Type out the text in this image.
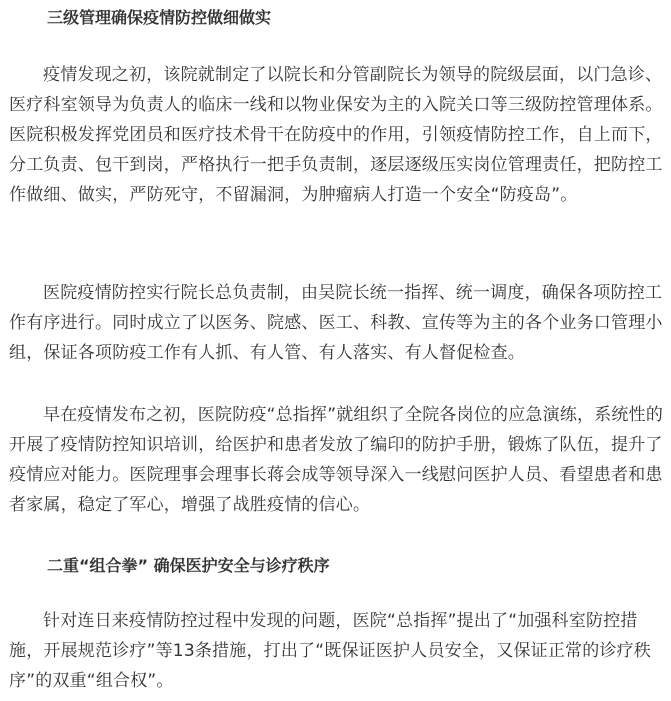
三级管理确保疫情防控做细做实

疫情发现之初，该院就制定了以院长和分管副院长为领导的院级层面，以门急诊、医疗科室领导为负责人的临床一线和以物业保安为主的入院关口等三级防控管理体系。医院积极发挥党团员和医疗技术骨干在防疫中的作用，引领疫情防控工作，自上而下，分工负责、包干到岗，严格执行一把手负责制，逐层逐级压实岗位管理责任，把防控工作做细、做实，严防死守，不留漏洞，为肿瘤病人打造一个安全“防疫岛”。

医院疫情防控实行院长总负责制，由吴院长统一指挥、统一调度，确保各项防控工作有序进行。同时成立了以医务、院感、医工、科教、宣传等为主的各个业务口管理小组，保证各项防疫工作有人抓、有人管、有人落实、有人督促检查。

早在疫情发布之初，医院防疫“总指挥”就组织了全院各岗位的应急演练，系统性的开展了疫情防控知识培训，给医护和患者发放了编印的防护手册，锻炼了队伍，提升了疫情应对能力。医院理事会理事长蒋会成等领导深入一线慰问医护人员、看望患者和患者家属，稳定了军心，增强了战胜疫情的信心。

二重“组合拳” 确保医护安全与诊疗秩序

针对连日来疫情防控过程中发现的问题，医院“总指挥”提出了“加强科室防控措施，开展规范诊疗”等13条措施，打出了“既保证医护人员安全，又保证正常的诊疗秩序”的双重“组合权”。
